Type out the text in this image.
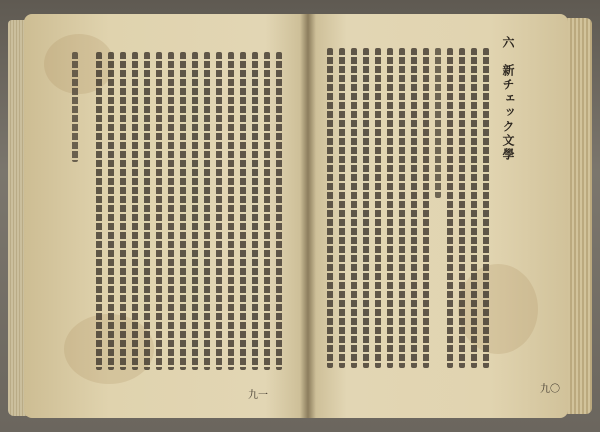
六　新チェック文學
九〇
九一
